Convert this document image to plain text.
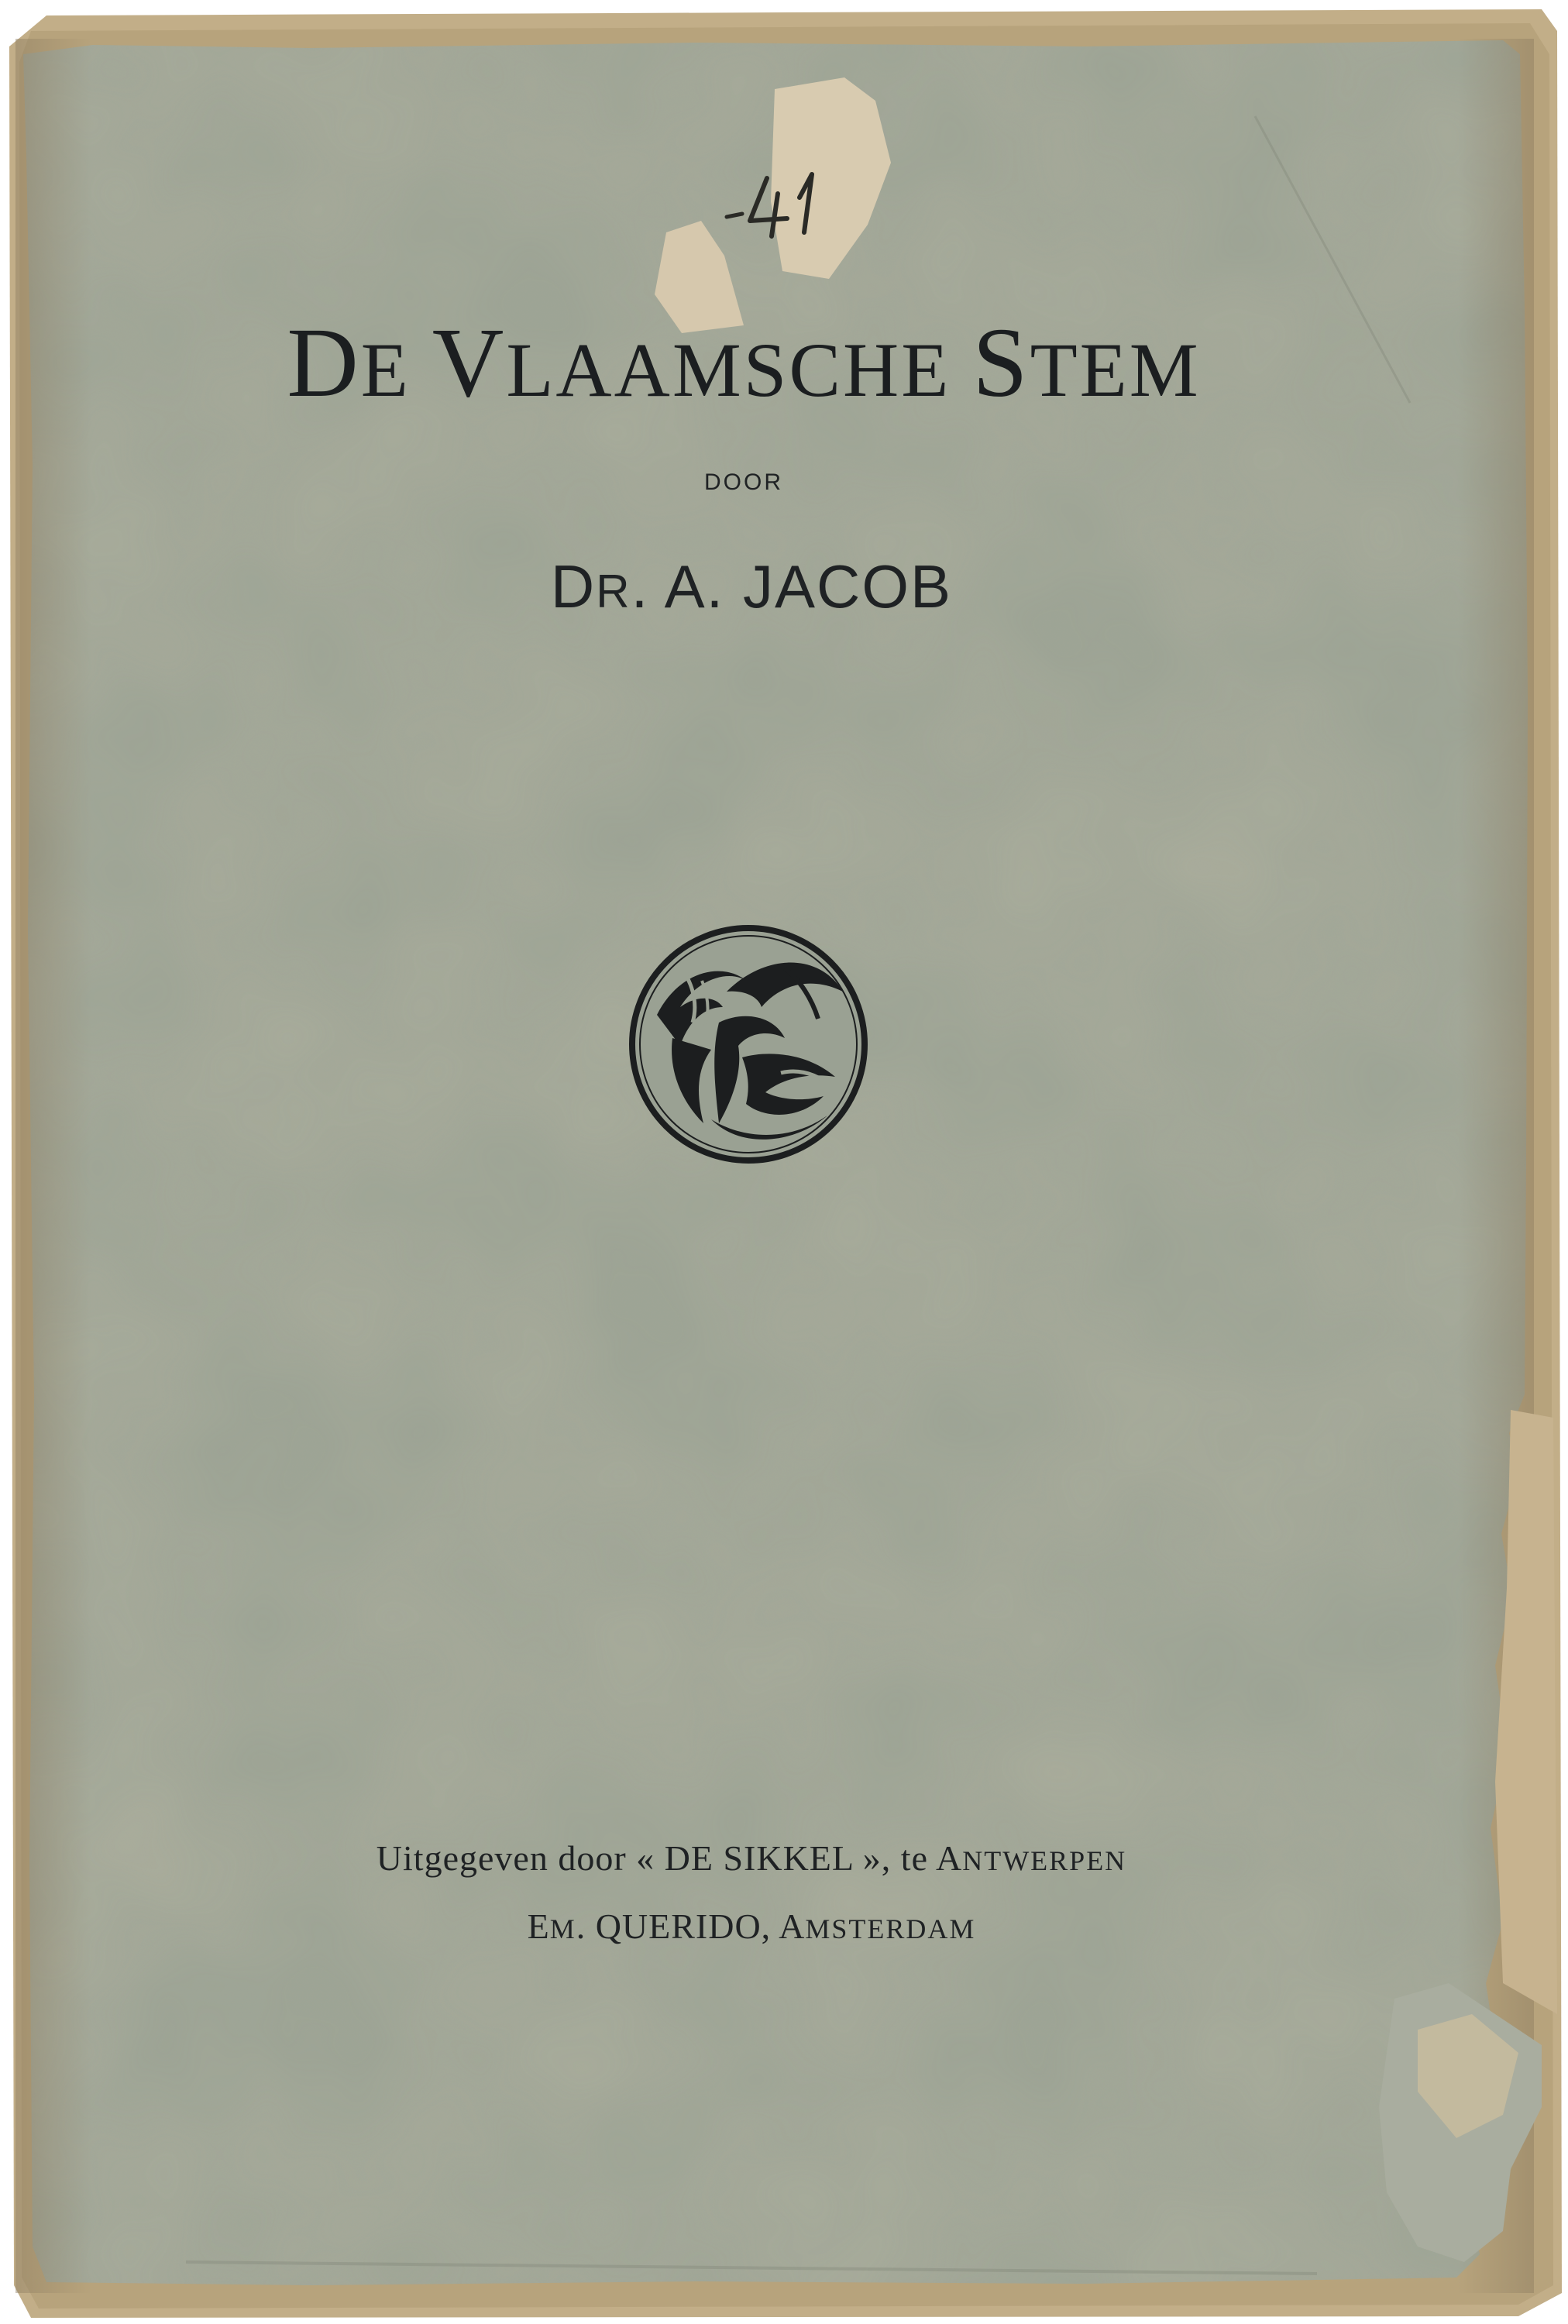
DE VLAAMSCHE STEM
DOOR
DR. A. JACOB
Uitgegeven door « DE SIKKEL », te ANTWERPEN
EM. QUERIDO, AMSTERDAM
